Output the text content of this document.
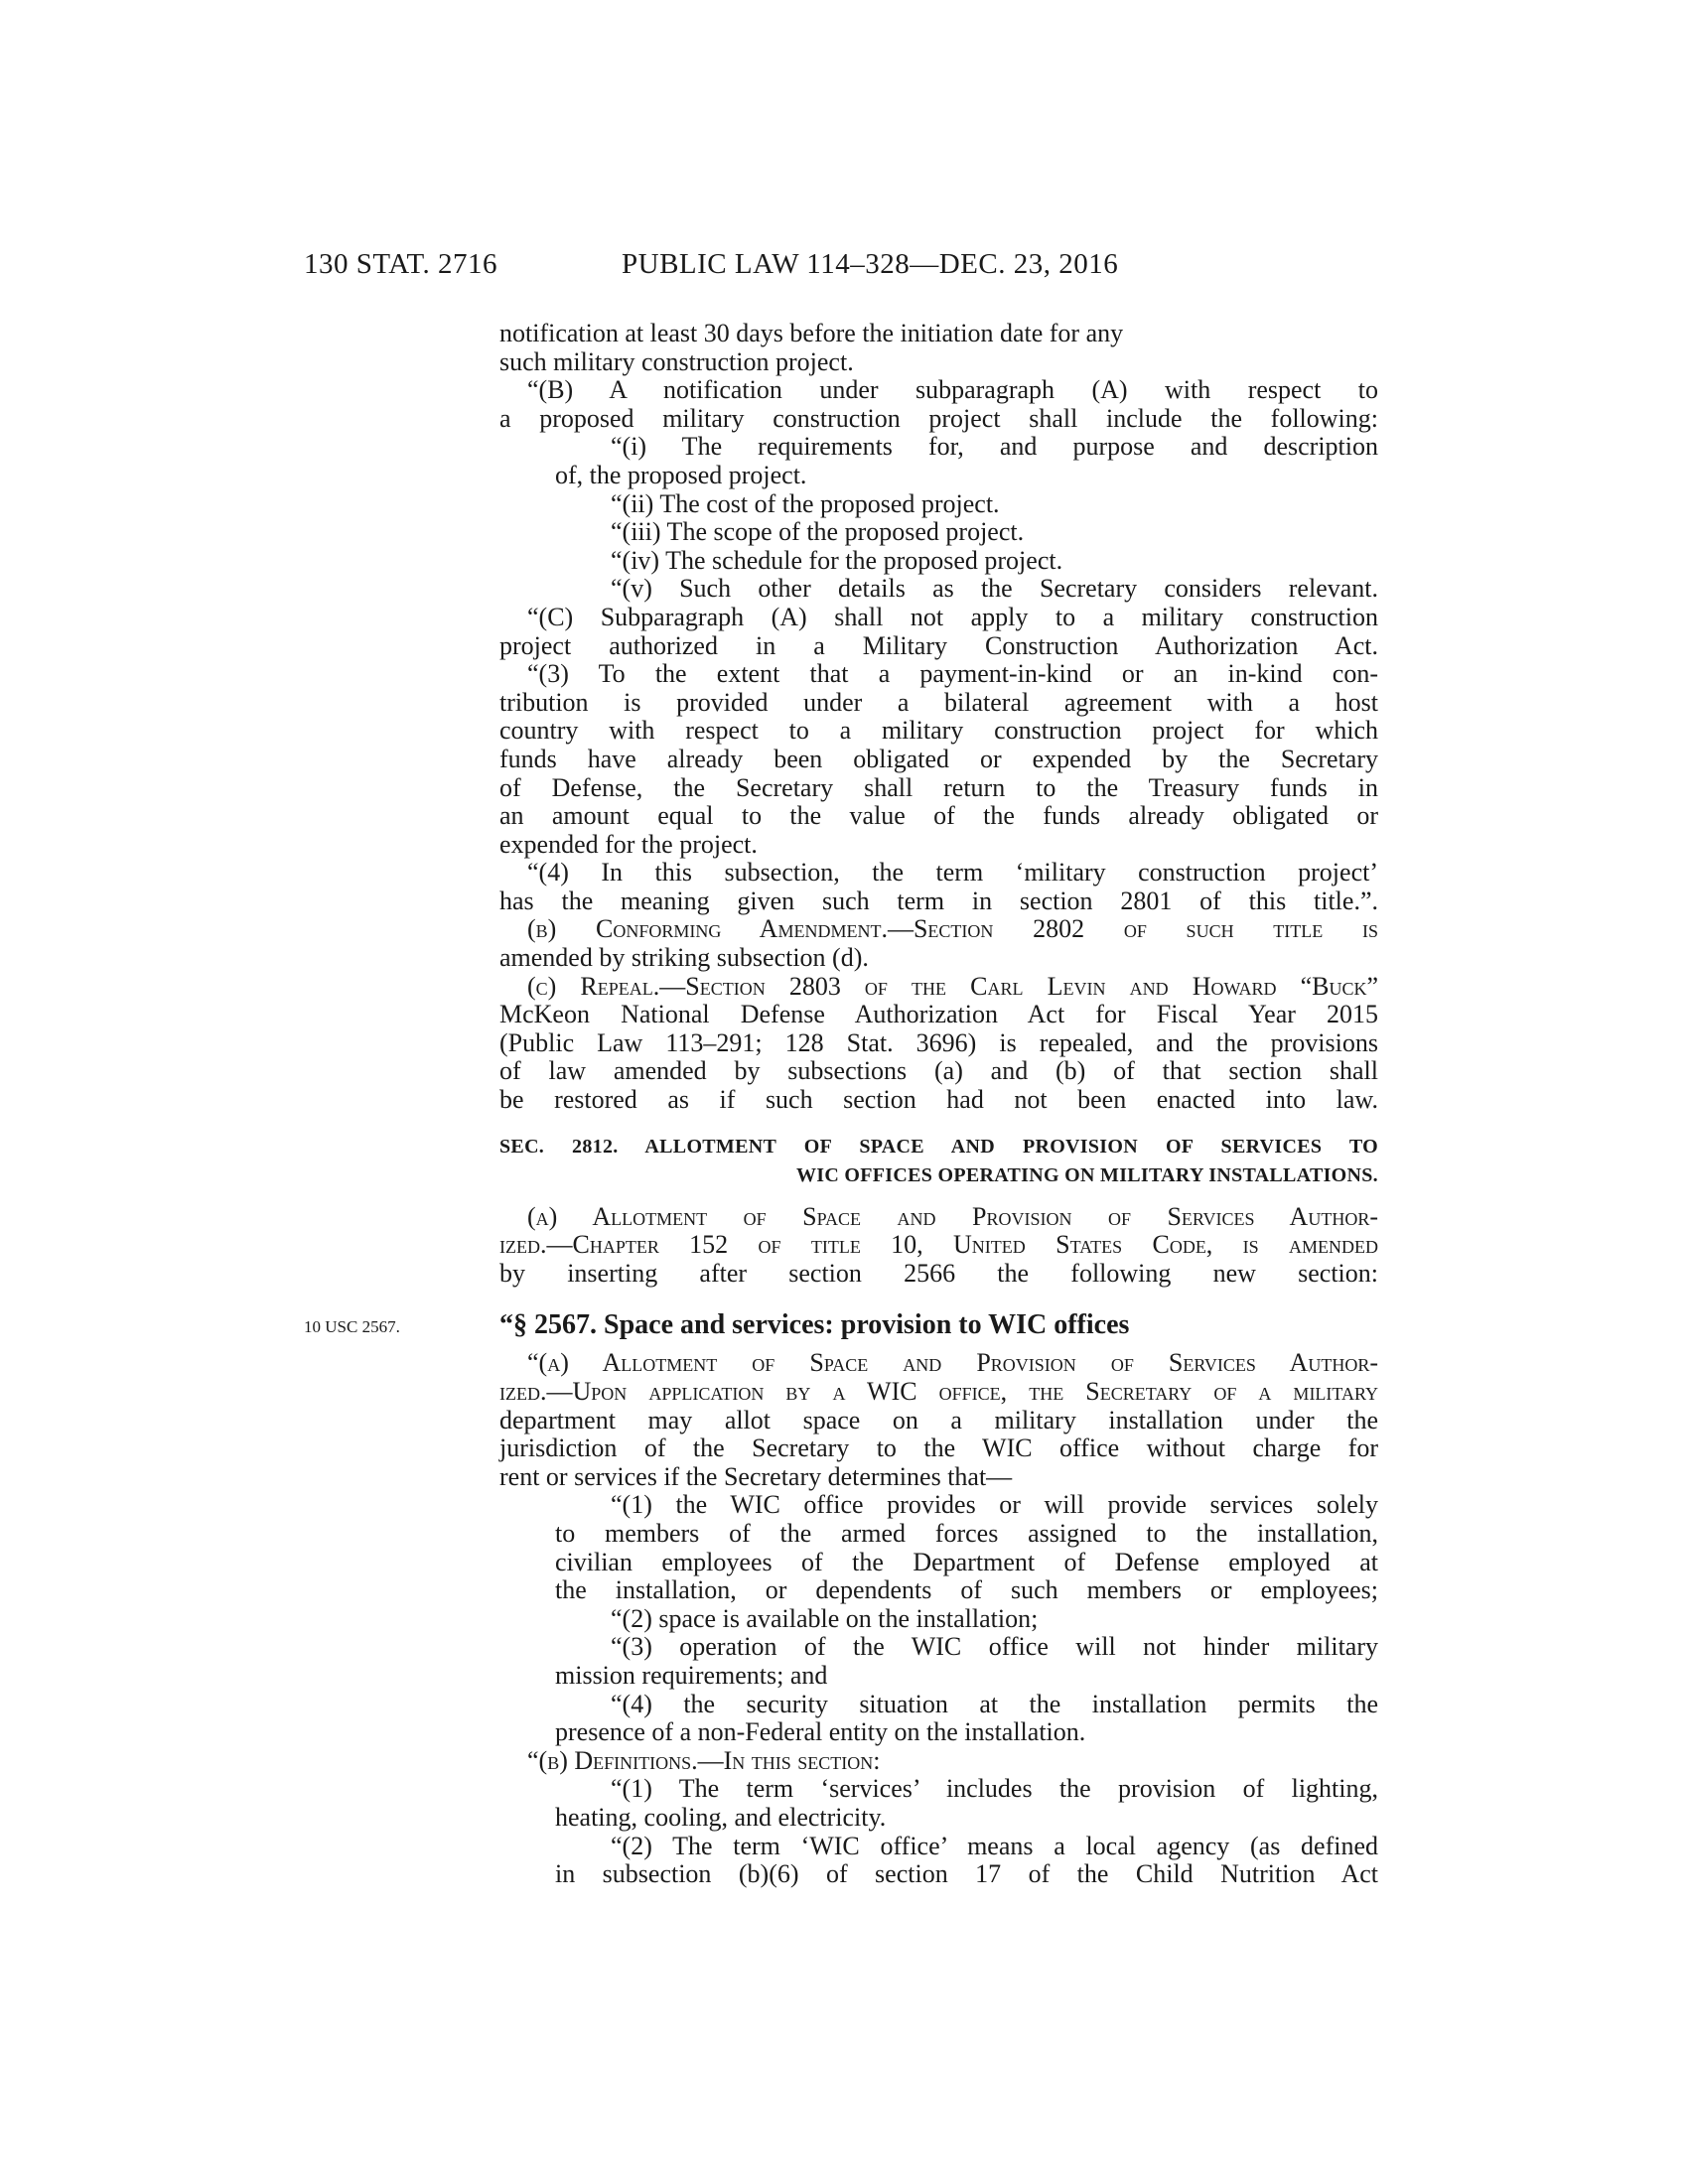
130 STAT. 2716	PUBLIC LAW 114–328—DEC. 23, 2016

notification at least 30 days before the initiation date for any

such military construction project.

“(B) A notification under subparagraph (A) with respect to

a proposed military construction project shall include the following:

“(i) The requirements for, and purpose and description

of, the proposed project.

“(ii) The cost of the proposed project.

“(iii) The scope of the proposed project.

“(iv) The schedule for the proposed project.

“(v) Such other details as the Secretary considers relevant.

“(C) Subparagraph (A) shall not apply to a military construction

project authorized in a Military Construction Authorization Act.

“(3) To the extent that a payment-in-kind or an in-kind con-

tribution is provided under a bilateral agreement with a host

country with respect to a military construction project for which

funds have already been obligated or expended by the Secretary

of Defense, the Secretary shall return to the Treasury funds in

an amount equal to the value of the funds already obligated or

expended for the project.

“(4) In this subsection, the term ‘military construction project’

has the meaning given such term in section 2801 of this title.”.

(b) Conforming Amendment.—Section 2802 of such title is

amended by striking subsection (d).

(c) Repeal.—Section 2803 of the Carl Levin and Howard “Buck”

McKeon National Defense Authorization Act for Fiscal Year 2015

(Public Law 113–291; 128 Stat. 3696) is repealed, and the provisions

of law amended by subsections (a) and (b) of that section shall

be restored as if such section had not been enacted into law.

SEC. 2812. ALLOTMENT OF SPACE AND PROVISION OF SERVICES TO
WIC OFFICES OPERATING ON MILITARY INSTALLATIONS.

(a) Allotment of Space and Provision of Services Author-

ized.—Chapter 152 of title 10, United States Code, is amended

by inserting after section 2566 the following new section:

10 USC 2567.	“§ 2567. Space and services: provision to WIC offices

“(a) Allotment of Space and Provision of Services Author-

ized.—Upon application by a WIC office, the Secretary of a military

department may allot space on a military installation under the

jurisdiction of the Secretary to the WIC office without charge for

rent or services if the Secretary determines that—

“(1) the WIC office provides or will provide services solely

to members of the armed forces assigned to the installation,

civilian employees of the Department of Defense employed at

the installation, or dependents of such members or employees;

“(2) space is available on the installation;

“(3) operation of the WIC office will not hinder military

mission requirements; and

“(4) the security situation at the installation permits the

presence of a non-Federal entity on the installation.

“(b) Definitions.—In this section:

“(1) The term ‘services’ includes the provision of lighting,

heating, cooling, and electricity.

“(2) The term ‘WIC office’ means a local agency (as defined

in subsection (b)(6) of section 17 of the Child Nutrition Act
